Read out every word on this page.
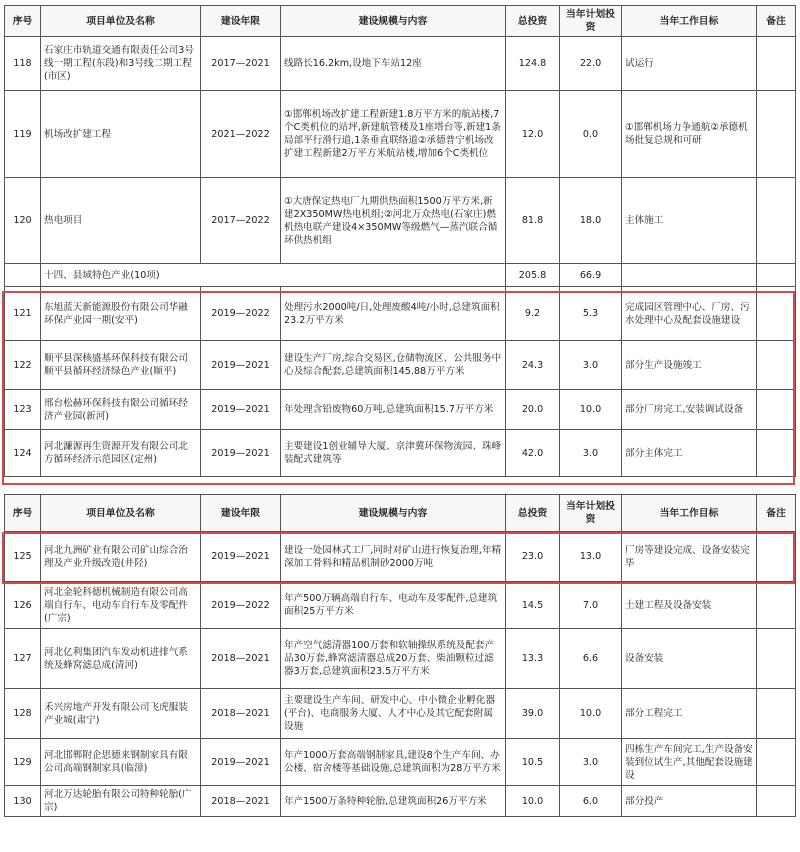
序号	项目单位及名称	建设年限	建设规模与内容	总投资	当年计划投资	当年工作目标	备注
118	石家庄市轨道交通有限责任公司3号线一期工程(东段)和3号线二期工程(市区)	2017—2021	线路长16.2km,设地下车站12座	124.8	22.0	试运行	
119	机场改扩建工程	2021—2022	①邯郸机场改扩建工程新建1.8万平方米的航站楼,7个C类机位的站坪,新建航管楼及1座塔台等,新建1条局部平行滑行道,1条垂直联络道②承德普宁机场改扩建工程新建2万平方米航站楼,增加6个C类机位	12.0	0.0	①邯郸机场力争通航②承德机场批复总规和可研	
120	热电项目	2017—2022	①大唐保定热电厂九期供热面积1500万平方米,新建2X350MW热电机组;②河北万众热电(石家庄)燃机热电联产建设4×350MW等级燃气—蒸汽联合循环供热机组	81.8	18.0	主体施工	
	十四、县域特色产业(10项)			205.8	66.9		
121	东旭蓝天新能源股份有限公司华融环保产业园一期(安平)	2019—2022	处理污水2000吨/日,处理废酸4吨/小时,总建筑面积23.2万平方米	9.2	5.3	完成园区管理中心、厂房、污水处理中心及配套设施建设	
122	顺平县深核盛基环保科技有限公司顺平县循环经济绿色产业(顺平)	2019—2021	建设生产厂房,综合交易区,仓储物流区、公共服务中心及综合配套,总建筑面积145.88万平方米	24.3	3.0	部分生产设施竣工	
123	邢台松赫环保科技有限公司循环经济产业园(新河)	2019—2021	年处理含铅废物60万吨,总建筑面积15.7万平方米	20.0	10.0	部分厂房完工,安装调试设备	
124	河北濂源再生资源开发有限公司北方循环经济示范园区(定州)	2019—2021	主要建设1创业辅导大厦、京津冀环保物流园、珠峰装配式建筑等	42.0	3.0	部分主体完工	
序号	项目单位及名称	建设年限	建设规模与内容	总投资	当年计划投资	当年工作目标	备注
125	河北九洲矿业有限公司矿山综合治理及产业升级改造(井陉)	2019—2021	建设一处园林式工厂,同时对矿山进行恢复治理,年精深加工骨料和精品机制砂2000万吨	23.0	13.0	厂房等建设完成、设备安装完毕	
126	河北金轮科德机械制造有限公司高端自行车、电动车自行车及零配件(广宗)	2019—2022	年产500万辆高端自行车、电动车及零配件,总建筑面积25万平方米	14.5	7.0	土建工程及设备安装	
127	河北亿利集团汽车发动机进排气系统及蜂窝滤总成(清河)	2018—2021	年产空气滤清器100万套和软轴操纵系统及配套产品30万套,蜂窝滤清器总成20万套、柴油颗粒过滤器3万套,总建筑面积23.5万平方米	13.3	6.6	设备安装	
128	禾兴房地产开发有限公司飞虎服装产业城(肃宁)	2018—2021	主要建设生产车间、研发中心、中小微企业孵化器(平台)、电商服务大厦、人才中心及其它配套附属设施	39.0	10.0	部分工程完工	
129	河北邯郸附企思德来钢制家具有限公司高端钢制家具(临漳)	2019—2021	年产1000万套高端钢制家具,建设8个生产车间、办公楼、宿舍楼等基础设施,总建筑面积为28万平方米	10.5	3.0	四栋生产车间完工,生产设备安装到位试生产,其他配套设施建设	
130	河北万达轮胎有限公司特种轮胎(广宗)	2018—2021	年产1500万条特种轮胎,总建筑面积26万平方米	10.0	6.0	部分投产	
